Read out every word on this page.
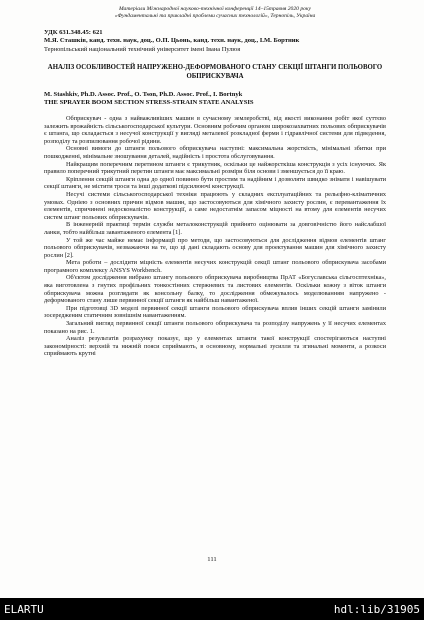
Матеріали Міжнародної науково-технічної конференції 14–15травня 2020 року
«Фундаментальні та прикладні проблеми сучасних технологій», Тернопіль, Україна
УДК 631.348.45: 621
М.Я. Сташків, канд. техн. наук, доц., О.П. Цьонь, канд. техн. наук, доц., І.М. Бортник
Тернопільський національний технічний університет імені Івана Пулюя
АНАЛІЗ ОСОБЛИВОСТЕЙ НАПРУЖЕНО-ДЕФОРМОВАНОГО СТАНУ СЕКЦІЇ ШТАНГИ ПОЛЬОВОГО ОБПРИСКУВАЧА
M. Stashkiv, Ph.D. Assoc. Prof., O. Tson, Ph.D. Assoc. Prof., I. Bortnyk
THE SPRAYER BOOM SECTION STRESS-STRAIN STATE ANALYSIS

Обприскувач - одна з найважливіших машин в сучасному землеробстві, від якості виконання робіт якої суттєво залежить врожайність сільськогосподарської культури. Основним робочим органом широкозахватних польових обприскувачів є штанга, що складається з несучої конструкції у вигляді металевої розкладної ферми і гідравлічної системи для підведення, розподілу та розпилювання робочої рідини.

Основні вимоги до штанги польового обприскувача наступні: максимальна жорсткість, мінімальні збитки при пошкодженні, мінімальне зношування деталей, надійність і простота обслуговування.

Найкращим поперечним перетином штанги є трикутник, оскільки це найжорсткіша конструкція з усіх існуючих. Як правило поперечний трикутний перетин штанги має максимальні розміри біля основи і зменшується до її краю.

Кріплення секцій штанги одна до одної повинно бути простим та надійним і дозволяти швидко знімати і навішувати секції штанги, не містити троси та інші додаткові підсилюючі конструкції.

Несучі системи сільськогосподарської техніки працюють у складних експлуатаційних та рельєфно-кліматичних умовах. Одніею з основних причин відмов машин, що застосовуються для хімічного захисту рослин, є перевантаження їх елементів, спричинені недосконалістю конструкції, а саме недостатнім запасом міцності на втому для елементів несучих систем штанг польових обприскувачів.

В інженерній практиці термін служби металоконструкцій прийнято оцінювати за довговічністю його найслабшої ланки, тобто найбільш завантаженого елемента [1].

У той же час майже немає інформації про методи, що застосовуються для дослідження відмов елементів штанг польового обприскувачів, незважаючи на те, що ці дані складають основу для проектування машин для хімічного захисту рослин [2].

Мета роботи – дослідити міцність елементів несучих конструкцій секції штанг польового обприскувача засобами програмного комплексу ANSYS Workbench.

Об'єктом дослідження вибрано штангу польового обприскувача виробництва ПрАТ «Богуславська сільгосптехніка», яка виготовлена з гнутих профільних тонкостінних стержневих та листових елементів. Оскільки кожну з віток штанги обприскувача можна розглядати як консольну балку, то дослідження обмежувалось моделюванням напружено - деформованого стану лише первинної секції штанги як найбільш навантаженої.

При підготовці 3D моделі первинної секції штанги польового обприскувача вплив інших секцій штанги замінили зосередженим статичним зовнішнім навантаженням.

Загальний вигляд первинної секції штанги польового обприскувача та розподілу напружень у її несучих елементах показано на рис. 1.

Аналіз результатів розрахунку показує, що у елементах штанги такої конструкції спостерігаються наступні закономірності: верхній та нижній пояси сприймають, в основному, нормальні зусилля та згинальні моменти, а розкоси сприймають крутні

111
ELARTU	hdl:lib/31905
